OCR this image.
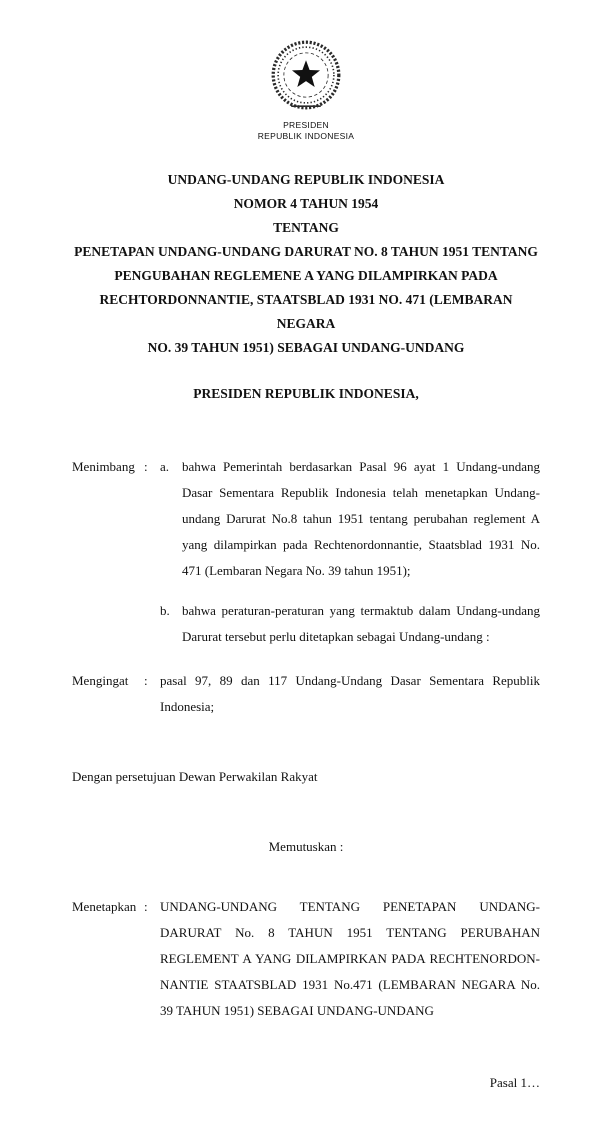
PRESIDEN
REPUBLIK INDONESIA
UNDANG-UNDANG REPUBLIK INDONESIA
NOMOR 4 TAHUN 1954
TENTANG
PENETAPAN UNDANG-UNDANG DARURAT NO. 8 TAHUN 1951 TENTANG
PENGUBAHAN REGLEMENE A YANG DILAMPIRKAN PADA
RECHTORDONNANTIE, STAATSBLAD 1931 NO. 471 (LEMBARAN NEGARA
NO. 39 TAHUN 1951) SEBAGAI UNDANG-UNDANG
PRESIDEN REPUBLIK INDONESIA,
Menimbang : a. bahwa Pemerintah berdasarkan Pasal 96 ayat 1 Undang-undang Dasar Sementara Republik Indonesia telah menetapkan Undang-undang Darurat No.8 tahun 1951 tentang perubahan reglement A yang dilampirkan pada Rechtenordonnantie, Staatsblad 1931 No. 471 (Lembaran Negara No. 39 tahun 1951);
b. bahwa peraturan-peraturan yang termaktub dalam Undang-undang Darurat tersebut perlu ditetapkan sebagai Undang-undang :
Mengingat	: pasal 97, 89 dan 117 Undang-Undang Dasar Sementara Republik Indonesia;
Dengan persetujuan Dewan Perwakilan Rakyat
Memutuskan :
Menetapkan : UNDANG-UNDANG TENTANG PENETAPAN UNDANG-DARURAT No. 8 TAHUN 1951 TENTANG PERUBAHAN REGLEMENT A YANG DILAMPIRKAN PADA RECHTENORDON-NANTIE STAATSBLAD 1931 No.471 (LEMBARAN NEGARA No. 39 TAHUN 1951) SEBAGAI UNDANG-UNDANG
Pasal 1…
